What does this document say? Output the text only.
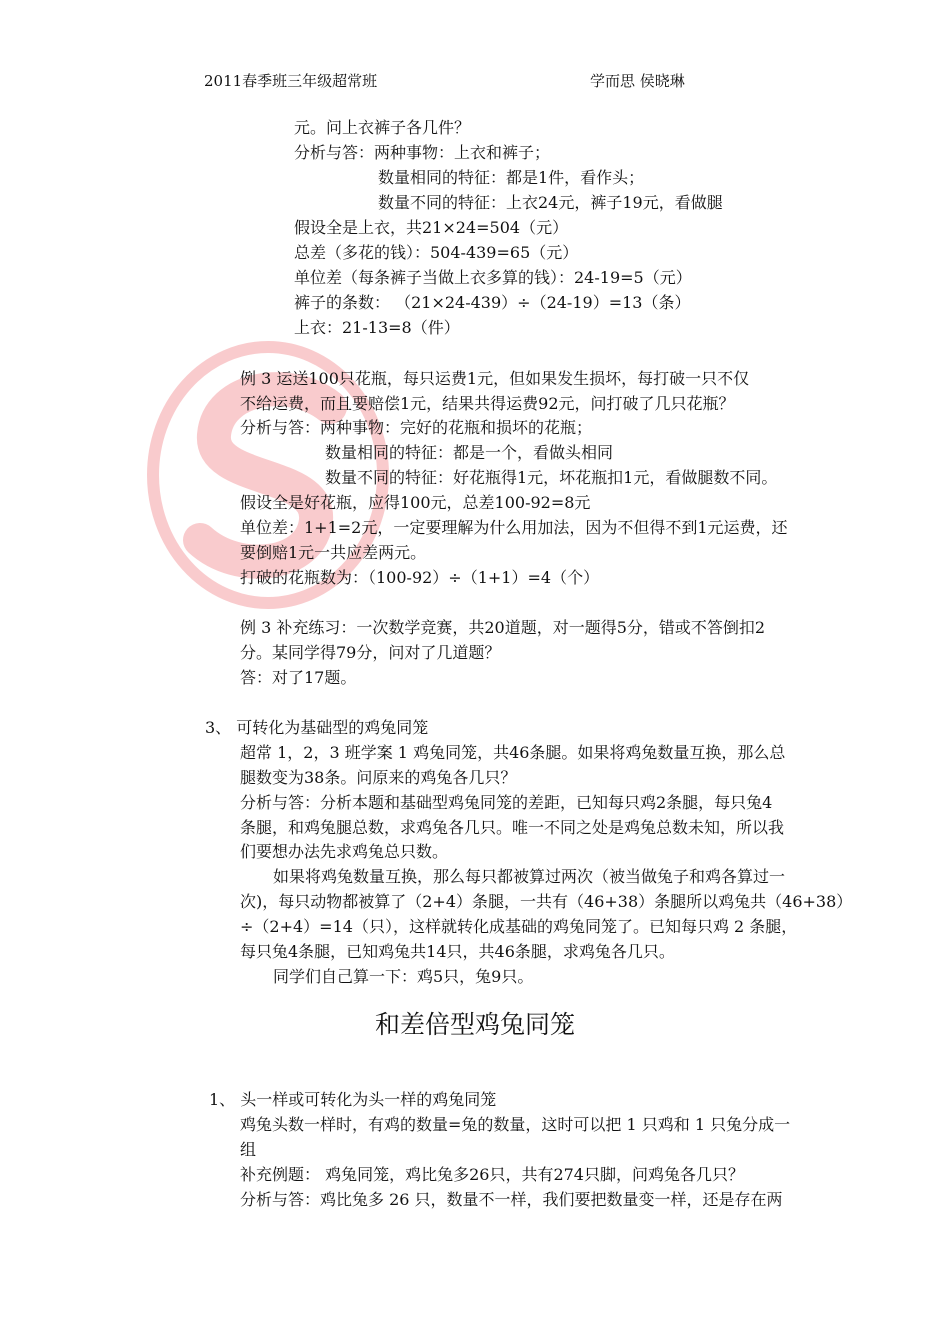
2011春季班三年级超常班	学而思 侯晓琳
元。问上衣裤子各几件？
分析与答：两种事物：上衣和裤子；
数量相同的特征：都是1件，看作头；
数量不同的特征：上衣24元，裤子19元，看做腿
假设全是上衣，共21×24=504（元）
总差（多花的钱）：504-439=65（元）
单位差（每条裤子当做上衣多算的钱）：24-19=5（元）
裤子的条数： （21×24-439）÷（24-19）=13（条）
上衣：21-13=8（件）
例 3 运送100只花瓶，每只运费1元，但如果发生损坏，每打破一只不仅
不给运费，而且要赔偿1元，结果共得运费92元，问打破了几只花瓶？
分析与答：两种事物：完好的花瓶和损坏的花瓶；
数量相同的特征：都是一个，看做头相同
数量不同的特征：好花瓶得1元，坏花瓶扣1元，看做腿数不同。
假设全是好花瓶，应得100元，总差100-92=8元
单位差：1+1=2元，一定要理解为什么用加法，因为不但得不到1元运费，还
要倒赔1元一共应差两元。
打破的花瓶数为：（100-92）÷（1+1）=4（个）
例 3 补充练习：一次数学竞赛，共20道题，对一题得5分，错或不答倒扣2
分。某同学得79分，问对了几道题？
答：对了17题。
3、 可转化为基础型的鸡兔同笼
超常 1，2，3 班学案 1 鸡兔同笼，共46条腿。如果将鸡兔数量互换，那么总
腿数变为38条。问原来的鸡兔各几只？
分析与答：分析本题和基础型鸡兔同笼的差距，已知每只鸡2条腿，每只兔4
条腿，和鸡兔腿总数，求鸡兔各几只。唯一不同之处是鸡兔总数未知，所以我
们要想办法先求鸡兔总只数。
如果将鸡兔数量互换，那么每只都被算过两次（被当做兔子和鸡各算过一
次)，每只动物都被算了（2+4）条腿，一共有（46+38）条腿所以鸡兔共（46+38）
÷（2+4）=14（只），这样就转化成基础的鸡兔同笼了。已知每只鸡 2 条腿，
每只兔4条腿，已知鸡兔共14只，共46条腿，求鸡兔各几只。
同学们自己算一下：鸡5只，兔9只。
和差倍型鸡兔同笼
1、 头一样或可转化为头一样的鸡兔同笼
鸡兔头数一样时，有鸡的数量=兔的数量，这时可以把 1 只鸡和 1 只兔分成一
组
补充例题： 鸡兔同笼，鸡比兔多26只，共有274只脚，问鸡兔各几只？
分析与答：鸡比兔多 26 只，数量不一样，我们要把数量变一样，还是存在两
